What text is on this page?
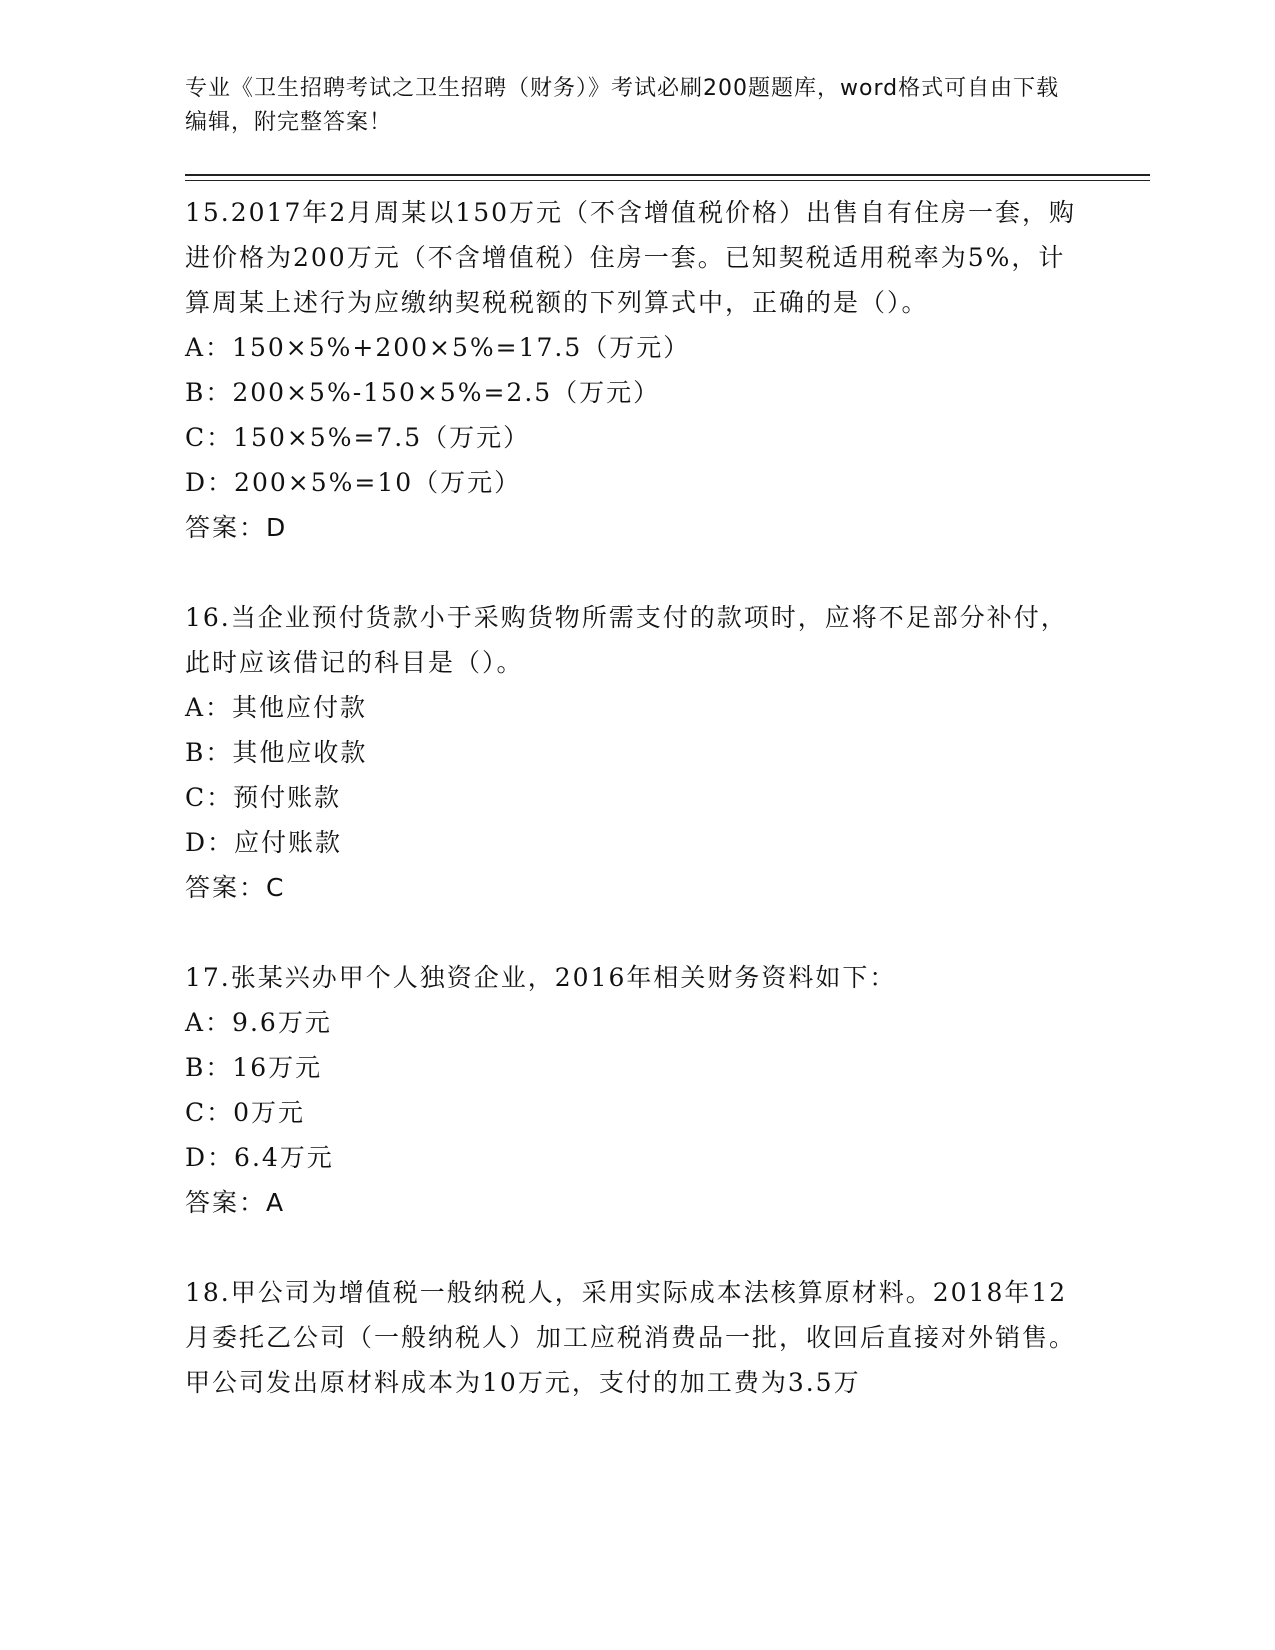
专业《卫生招聘考试之卫生招聘（财务）》考试必刷200题题库，word格式可自由下载编辑，附完整答案！
15.2017年2月周某以150万元（不含增值税价格）出售自有住房一套，购进价格为200万元（不含增值税）住房一套。已知契税适用税率为5%，计算周某上述行为应缴纳契税税额的下列算式中，正确的是（）。
A：150×5%+200×5%=17.5（万元）
B：200×5%-150×5%=2.5（万元）
C：150×5%=7.5（万元）
D：200×5%=10（万元）
答案：D
16.当企业预付货款小于采购货物所需支付的款项时，应将不足部分补付，此时应该借记的科目是（）。
A：其他应付款
B：其他应收款
C：预付账款
D：应付账款
答案：C
17.张某兴办甲个人独资企业，2016年相关财务资料如下：
A：9.6万元
B：16万元
C：0万元
D：6.4万元
答案：A
18.甲公司为增值税一般纳税人，采用实际成本法核算原材料。2018年12月委托乙公司（一般纳税人）加工应税消费品一批，收回后直接对外销售。甲公司发出原材料成本为10万元，支付的加工费为3.5万
